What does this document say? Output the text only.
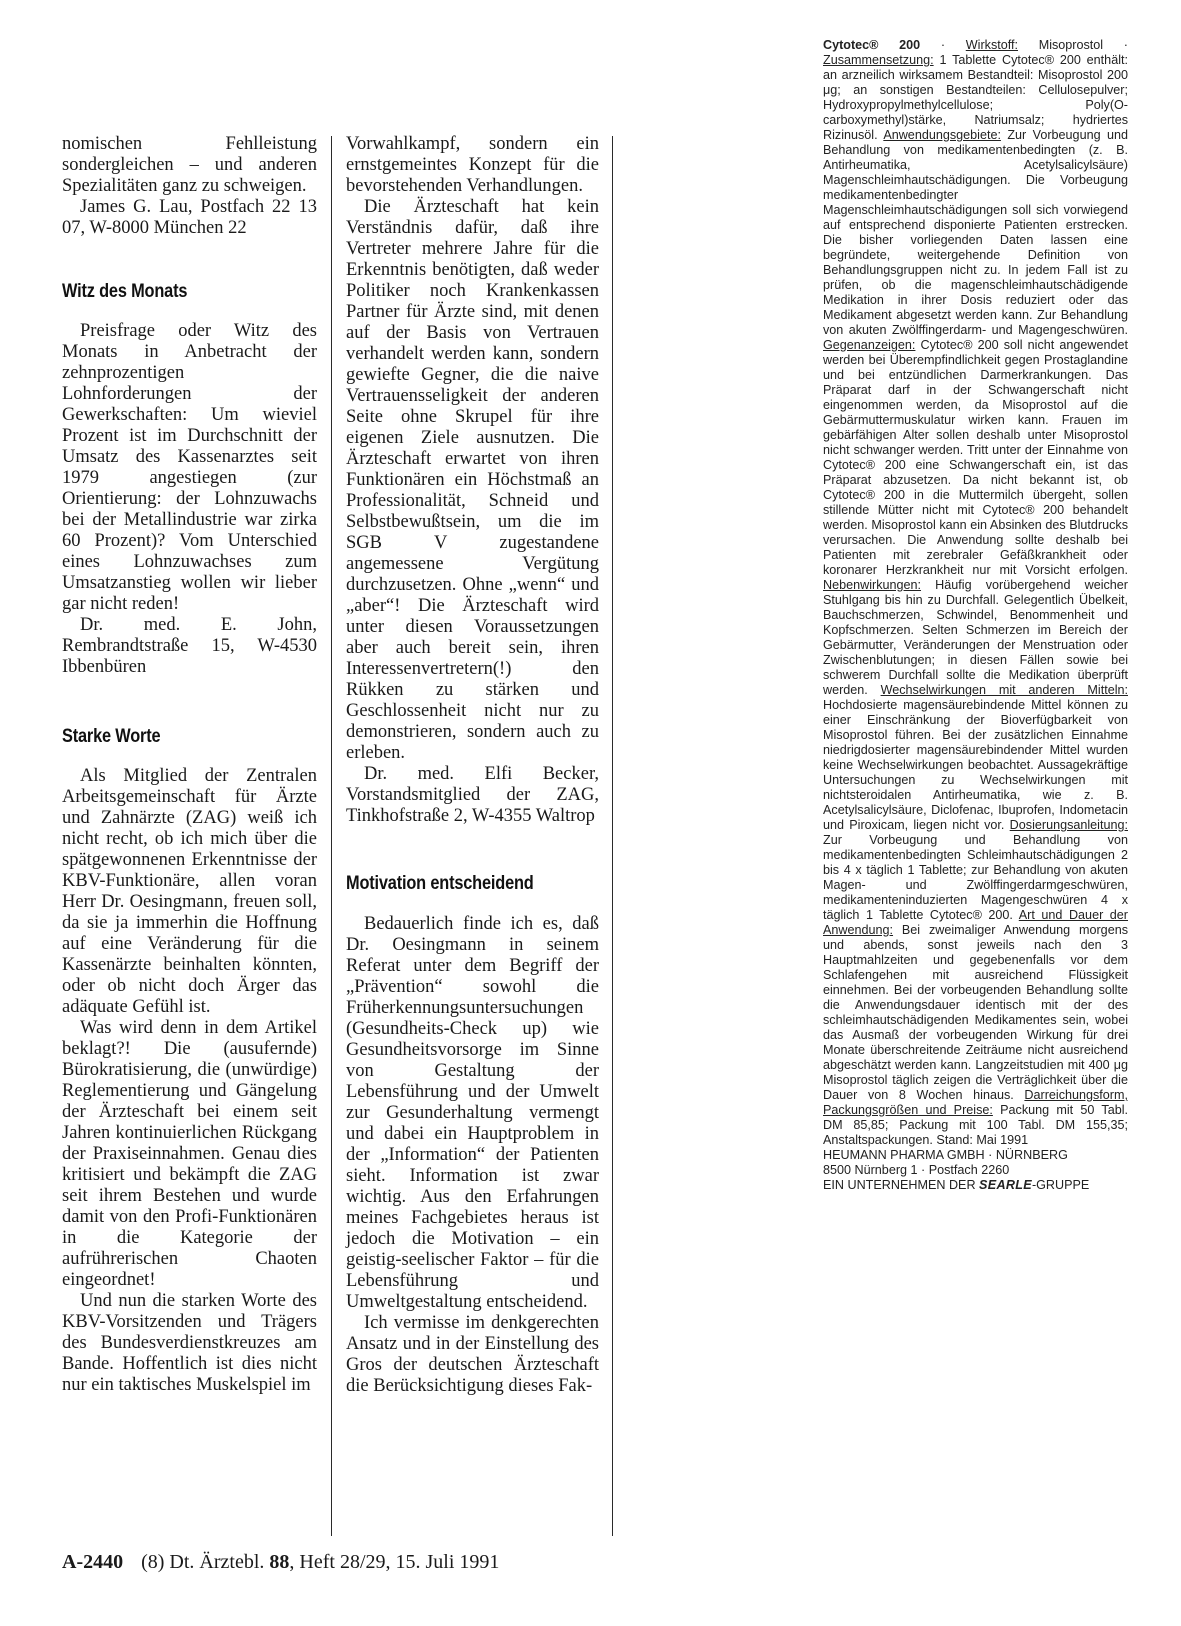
nomischen Fehlleistung sondergleichen – und anderen Spezialitäten ganz zu schweigen.

James G. Lau, Postfach 22 13 07, W-8000 München 22

Witz des Monats

Preisfrage oder Witz des Monats in Anbetracht der zehnprozentigen Lohnforderungen der Gewerkschaften: Um wieviel Prozent ist im Durchschnitt der Umsatz des Kassenarztes seit 1979 angestiegen (zur Orientierung: der Lohnzuwachs bei der Metallindustrie war zirka 60 Prozent)? Vom Unterschied eines Lohnzuwachses zum Umsatzanstieg wollen wir lieber gar nicht reden!

Dr. med. E. John, Rembrandtstraße 15, W-4530 Ibbenbüren

Starke Worte

Als Mitglied der Zentralen Arbeitsgemeinschaft für Ärzte und Zahnärzte (ZAG) weiß ich nicht recht, ob ich mich über die spätgewonnenen Erkenntnisse der KBV-Funktionäre, allen voran Herr Dr. Oesingmann, freuen soll, da sie ja immerhin die Hoffnung auf eine Veränderung für die Kassenärzte beinhalten könnten, oder ob nicht doch Ärger das adäquate Gefühl ist.

Was wird denn in dem Artikel beklagt?! Die (ausufernde) Bürokratisierung, die (unwürdige) Reglementierung und Gängelung der Ärzteschaft bei einem seit Jahren kontinuierlichen Rückgang der Praxiseinnahmen. Genau dies kritisiert und bekämpft die ZAG seit ihrem Bestehen und wurde damit von den Profi-Funktionären in die Kategorie der aufrührerischen Chaoten eingeordnet!

Und nun die starken Worte des KBV-Vorsitzenden und Trägers des Bundesverdienstkreuzes am Bande. Hoffentlich ist dies nicht nur ein taktisches Muskelspiel im

Vorwahlkampf, sondern ein ernstgemeintes Konzept für die bevorstehenden Verhandlungen.

Die Ärzteschaft hat kein Verständnis dafür, daß ihre Vertreter mehrere Jahre für die Erkenntnis benötigten, daß weder Politiker noch Krankenkassen Partner für Ärzte sind, mit denen auf der Basis von Vertrauen verhandelt werden kann, sondern gewiefte Gegner, die die naive Vertrauensseligkeit der anderen Seite ohne Skrupel für ihre eigenen Ziele ausnutzen. Die Ärzteschaft erwartet von ihren Funktionären ein Höchstmaß an Professionalität, Schneid und Selbstbewußtsein, um die im SGB V zugestandene angemessene Vergütung durchzusetzen. Ohne „wenn“ und „aber“! Die Ärzteschaft wird unter diesen Voraussetzungen aber auch bereit sein, ihren Interessenvertretern(!) den Rükken zu stärken und Geschlossenheit nicht nur zu demonstrieren, sondern auch zu erleben.

Dr. med. Elfi Becker, Vorstandsmitglied der ZAG, Tinkhofstraße 2, W-4355 Waltrop

Motivation entscheidend

Bedauerlich finde ich es, daß Dr. Oesingmann in seinem Referat unter dem Begriff der „Prävention“ sowohl die Früherkennungsuntersuchungen (Gesundheits-Check up) wie Gesundheitsvorsorge im Sinne von Gestaltung der Lebensführung und der Umwelt zur Gesunderhaltung vermengt und dabei ein Hauptproblem in der „Information“ der Patienten sieht. Information ist zwar wichtig. Aus den Erfahrungen meines Fachgebietes heraus ist jedoch die Motivation – ein geistig-seelischer Faktor – für die Lebensführung und Umweltgestaltung entscheidend.

Ich vermisse im denkgerechten Ansatz und in der Einstellung des Gros der deutschen Ärzteschaft die Berücksichtigung dieses Fak-

Cytotec® 200 · Wirkstoff: Misoprostol · Zusammensetzung: 1 Tablette Cytotec® 200 enthält: an arzneilich wirksamem Bestandteil: Misoprostol 200 μg; an sonstigen Bestandteilen: Cellulosepulver; Hydroxypropylmethylcellulose; Poly(O-carboxymethyl)stärke, Natriumsalz; hydriertes Rizinusöl. Anwendungsgebiete: Zur Vorbeugung und Behandlung von medikamentenbedingten (z. B. Antirheumatika, Acetylsalicylsäure) Magenschleimhautschädigungen. Die Vorbeugung medikamentenbedingter Magenschleimhautschädigungen soll sich vorwiegend auf entsprechend disponierte Patienten erstrecken. Die bisher vorliegenden Daten lassen eine begründete, weitergehende Definition von Behandlungsgruppen nicht zu. In jedem Fall ist zu prüfen, ob die magenschleimhautschädigende Medikation in ihrer Dosis reduziert oder das Medikament abgesetzt werden kann. Zur Behandlung von akuten Zwölffingerdarm- und Magengeschwüren. Gegenanzeigen: Cytotec® 200 soll nicht angewendet werden bei Überempfindlichkeit gegen Prostaglandine und bei entzündlichen Darmerkrankungen. Das Präparat darf in der Schwangerschaft nicht eingenommen werden, da Misoprostol auf die Gebärmuttermuskulatur wirken kann. Frauen im gebärfähigen Alter sollen deshalb unter Misoprostol nicht schwanger werden. Tritt unter der Einnahme von Cytotec® 200 eine Schwangerschaft ein, ist das Präparat abzusetzen. Da nicht bekannt ist, ob Cytotec® 200 in die Muttermilch übergeht, sollen stillende Mütter nicht mit Cytotec® 200 behandelt werden. Misoprostol kann ein Absinken des Blutdrucks verursachen. Die Anwendung sollte deshalb bei Patienten mit zerebraler Gefäßkrankheit oder koronarer Herzkrankheit nur mit Vorsicht erfolgen. Nebenwirkungen: Häufig vorübergehend weicher Stuhlgang bis hin zu Durchfall. Gelegentlich Übelkeit, Bauchschmerzen, Schwindel, Benommenheit und Kopfschmerzen. Selten Schmerzen im Bereich der Gebärmutter, Veränderungen der Menstruation oder Zwischenblutungen; in diesen Fällen sowie bei schwerem Durchfall sollte die Medikation überprüft werden. Wechselwirkungen mit anderen Mitteln: Hochdosierte magensäurebindende Mittel können zu einer Einschränkung der Bioverfügbarkeit von Misoprostol führen. Bei der zusätzlichen Einnahme niedrigdosierter magensäurebindender Mittel wurden keine Wechselwirkungen beobachtet. Aussagekräftige Untersuchungen zu Wechselwirkungen mit nichtsteroidalen Antirheumatika, wie z. B. Acetylsalicylsäure, Diclofenac, Ibuprofen, Indometacin und Piroxicam, liegen nicht vor. Dosierungsanleitung: Zur Vorbeugung und Behandlung von medikamentenbedingten Schleimhautschädigungen 2 bis 4 x täglich 1 Tablette; zur Behandlung von akuten Magen- und Zwölffingerdarmgeschwüren, medikamenteninduzierten Magengeschwüren 4 x täglich 1 Tablette Cytotec® 200. Art und Dauer der Anwendung: Bei zweimaliger Anwendung morgens und abends, sonst jeweils nach den 3 Hauptmahlzeiten und gegebenenfalls vor dem Schlafengehen mit ausreichend Flüssigkeit einnehmen. Bei der vorbeugenden Behandlung sollte die Anwendungsdauer identisch mit der des schleimhautschädigenden Medikamentes sein, wobei das Ausmaß der vorbeugenden Wirkung für drei Monate überschreitende Zeiträume nicht ausreichend abgeschätzt werden kann. Langzeitstudien mit 400 μg Misoprostol täglich zeigen die Verträglichkeit über die Dauer von 8 Wochen hinaus. Darreichungsform, Packungsgrößen und Preise: Packung mit 50 Tabl. DM 85,85; Packung mit 100 Tabl. DM 155,35; Anstaltspackungen. Stand: Mai 1991
HEUMANN PHARMA GMBH · NÜRNBERG
8500 Nürnberg 1 · Postfach 2260
EIN UNTERNEHMEN DER SEARLE-GRUPPE
A-2440 (8) Dt. Ärztebl. 88, Heft 28/29, 15. Juli 1991
